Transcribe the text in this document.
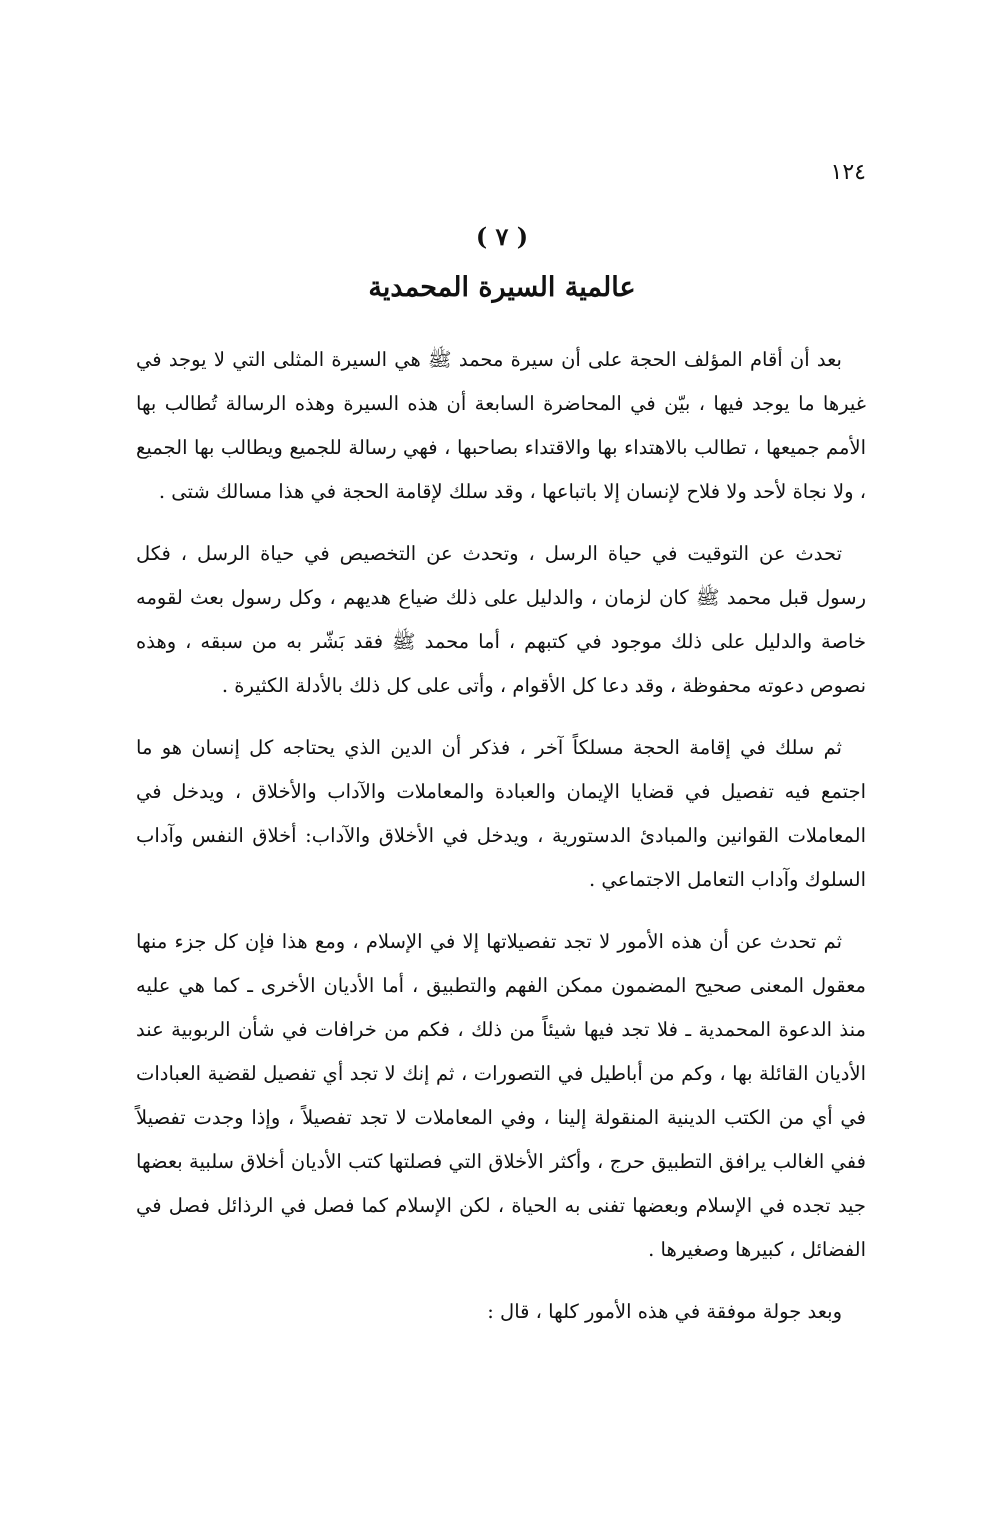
١٢٤
( ٧ )
عالمية السيرة المحمدية

بعد أن أقام المؤلف الحجة على أن سيرة محمد ﷺ هي السيرة المثلى التي لا يوجد في غيرها ما يوجد فيها ، بيّن في المحاضرة السابعة أن هذه السيرة وهذه الرسالة تُطالب بها الأمم جميعها ، تطالب بالاهتداء بها والاقتداء بصاحبها ، فهي رسالة للجميع ويطالب بها الجميع ، ولا نجاة لأحد ولا فلاح لإنسان إلا باتباعها ، وقد سلك لإقامة الحجة في هذا مسالك شتى .

تحدث عن التوقيت في حياة الرسل ، وتحدث عن التخصيص في حياة الرسل ، فكل رسول قبل محمد ﷺ كان لزمان ، والدليل على ذلك ضياع هديهم ، وكل رسول بعث لقومه خاصة والدليل على ذلك موجود في كتبهم ، أما محمد ﷺ فقد بَشّر به من سبقه ، وهذه نصوص دعوته محفوظة ، وقد دعا كل الأقوام ، وأتى على كل ذلك بالأدلة الكثيرة .

ثم سلك في إقامة الحجة مسلكاً آخر ، فذكر أن الدين الذي يحتاجه كل إنسان هو ما اجتمع فيه تفصيل في قضايا الإيمان والعبادة والمعاملات والآداب والأخلاق ، ويدخل في المعاملات القوانين والمبادئ الدستورية ، ويدخل في الأخلاق والآداب: أخلاق النفس وآداب السلوك وآداب التعامل الاجتماعي .

ثم تحدث عن أن هذه الأمور لا تجد تفصيلاتها إلا في الإسلام ، ومع هذا فإن كل جزء منها معقول المعنى صحيح المضمون ممكن الفهم والتطبيق ، أما الأديان الأخرى ـ كما هي عليه منذ الدعوة المحمدية ـ فلا تجد فيها شيئاً من ذلك ، فكم من خرافات في شأن الربوبية عند الأديان القائلة بها ، وكم من أباطيل في التصورات ، ثم إنك لا تجد أي تفصيل لقضية العبادات في أي من الكتب الدينية المنقولة إلينا ، وفي المعاملات لا تجد تفصيلاً ، وإذا وجدت تفصيلاً ففي الغالب يرافق التطبيق حرج ، وأكثر الأخلاق التي فصلتها كتب الأديان أخلاق سلبية بعضها جيد تجده في الإسلام وبعضها تفنى به الحياة ، لكن الإسلام كما فصل في الرذائل فصل في الفضائل ، كبيرها وصغيرها .

وبعد جولة موفقة في هذه الأمور كلها ، قال :
